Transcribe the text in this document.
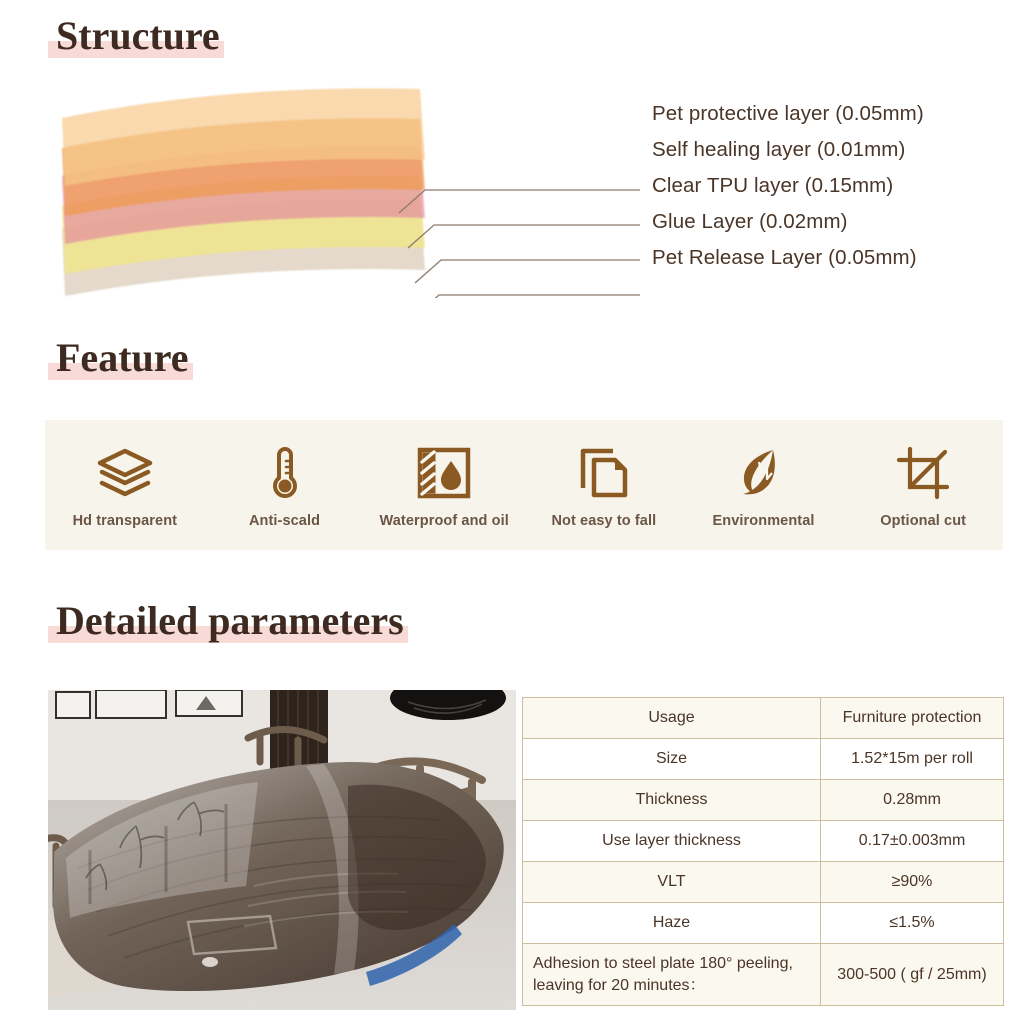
Structure
Pet protective layer (0.05mm)
Self healing layer (0.01mm)
Clear TPU layer (0.15mm)
Glue Layer (0.02mm)
Pet Release Layer (0.05mm)
Feature
Hd transparent	Anti-scald	Waterproof and oil	Not easy to fall	Environmental	Optional cut
Detailed parameters
Usage	Furniture protection
Size	1.52*15m per roll
Thickness	0.28mm
Use layer thickness	0.17±0.003mm
VLT	≥90%
Haze	≤1.5%
Adhesion to steel plate 180° peeling, leaving for 20 minutes：	300-500 ( gf / 25mm)
